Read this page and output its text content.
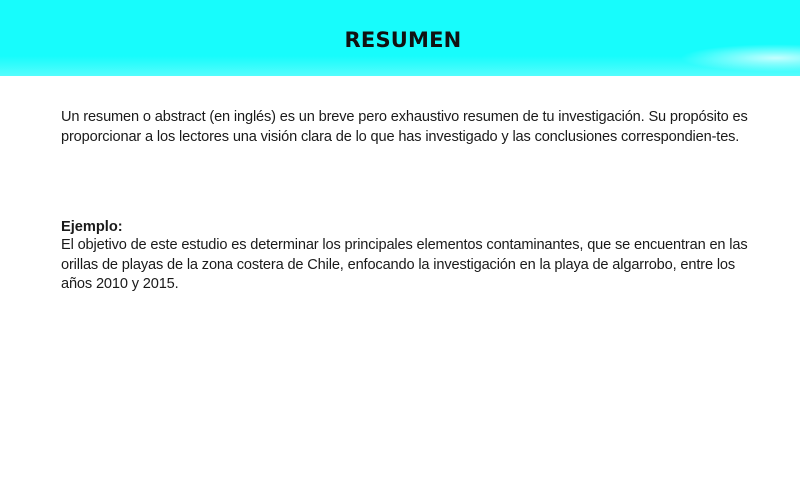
RESUMEN

Un resumen o abstract (en inglés) es un breve pero exhaustivo resumen de tu investigación. Su propósito es proporcionar a los lectores una visión clara de lo que has investigado y las conclusiones correspondien-tes.

Ejemplo:

El objetivo de este estudio es determinar los principales elementos contaminantes, que se encuentran en las orillas de playas de la zona costera de Chile, enfocando la investigación en la playa de algarrobo, entre los años 2010 y 2015.
